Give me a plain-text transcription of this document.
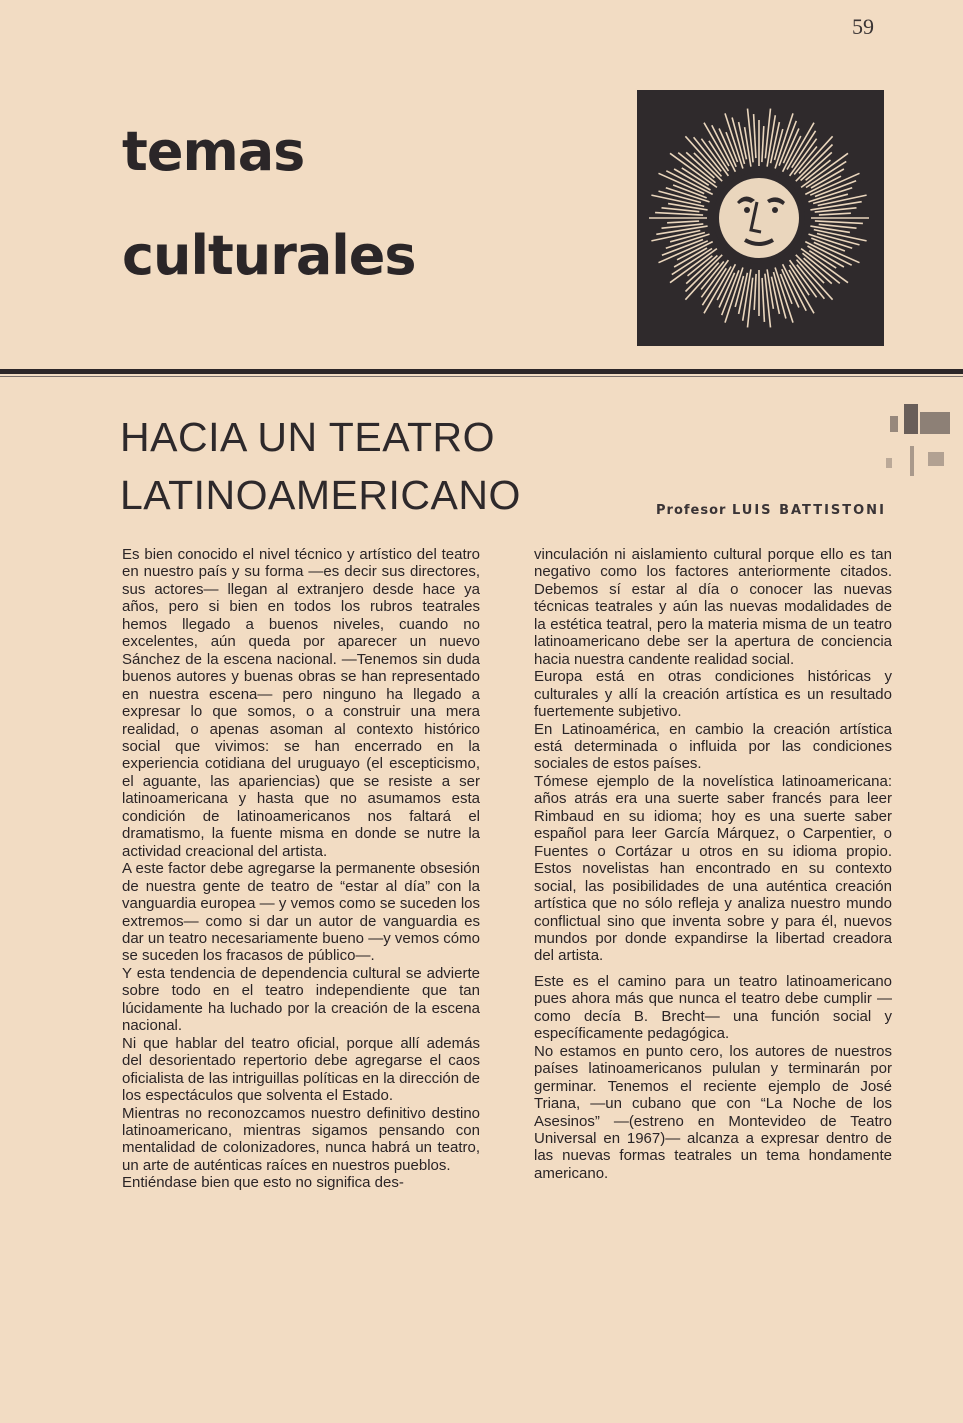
59
temas
culturales
HACIA UN TEATRO
LATINOAMERICANO	Profesor LUIS BATTISTONI

Es bien conocido el nivel técnico y artístico del teatro en nuestro país y su forma —es decir sus directores, sus actores— llegan al extranjero desde hace ya años, pero si bien en todos los rubros teatrales hemos llegado a buenos niveles, cuando no excelentes, aún queda por aparecer un nuevo Sánchez de la escena nacional. —Tenemos sin duda buenos autores y buenas obras se han representado en nuestra escena— pero ninguno ha llegado a expresar lo que somos, o a construir una mera realidad, o apenas asoman al contexto histórico social que vivimos: se han encerrado en la experiencia cotidiana del uruguayo (el escepticismo, el aguante, las apariencias) que se resiste a ser latinoamericana y hasta que no asumamos esta condición de latinoamericanos nos faltará el dramatismo, la fuente misma en donde se nutre la actividad creacional del artista.

A este factor debe agregarse la permanente obsesión de nuestra gente de teatro de “estar al día” con la vanguardia europea — y vemos como se suceden los extremos— como si dar un autor de vanguardia es dar un teatro necesariamente bueno —y vemos cómo se suceden los fracasos de público—.

Y esta tendencia de dependencia cultural se advierte sobre todo en el teatro independiente que tan lúcidamente ha luchado por la creación de la escena nacional.

Ni que hablar del teatro oficial, porque allí además del desorientado repertorio debe agregarse el caos oficialista de las intriguillas políticas en la dirección de los espectáculos que solventa el Estado.

Mientras no reconozcamos nuestro definitivo destino latinoamericano, mientras sigamos pensando con mentalidad de colonizadores, nunca habrá un teatro, un arte de auténticas raíces en nuestros pueblos.

Entiéndase bien que esto no significa des-

vinculación ni aislamiento cultural porque ello es tan negativo como los factores anteriormente citados. Debemos sí estar al día o conocer las nuevas técnicas teatrales y aún las nuevas modalidades de la estética teatral, pero la materia misma de un teatro latinoamericano debe ser la apertura de conciencia hacia nuestra candente realidad social.

Europa está en otras condiciones históricas y culturales y allí la creación artística es un resultado fuertemente subjetivo.

En Latinoamérica, en cambio la creación artística está determinada o influida por las condiciones sociales de estos países.

Tómese ejemplo de la novelística latinoamericana: años atrás era una suerte saber francés para leer Rimbaud en su idioma; hoy es una suerte saber español para leer García Márquez, o Carpentier, o Fuentes o Cortázar u otros en su idioma propio. Estos novelistas han encontrado en su contexto social, las posibilidades de una auténtica creación artística que no sólo refleja y analiza nuestro mundo conflictual sino que inventa sobre y para él, nuevos mundos por donde expandirse la libertad creadora del artista.

Este es el camino para un teatro latinoamericano pues ahora más que nunca el teatro debe cumplir —como decía B. Brecht— una función social y específicamente pedagógica.

No estamos en punto cero, los autores de nuestros países latinoamericanos pululan y terminarán por germinar. Tenemos el reciente ejemplo de José Triana, —un cubano que con “La Noche de los Asesinos” —(estreno en Montevideo de Teatro Universal en 1967)— alcanza a expresar dentro de las nuevas formas teatrales un tema hondamente americano.
